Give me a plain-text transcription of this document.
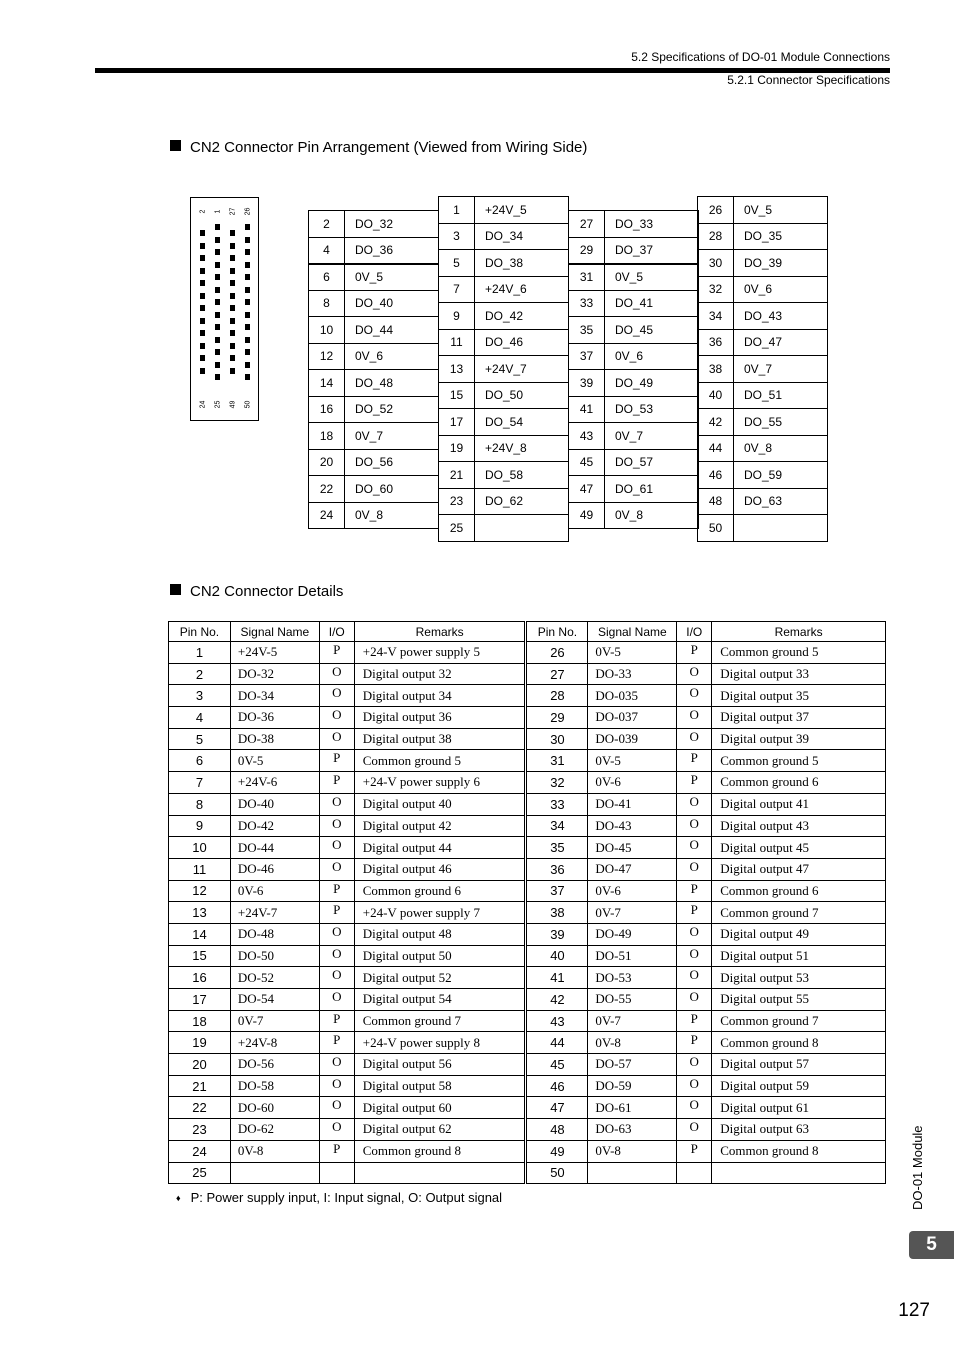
5.2 Specifications of DO-01 Module Connections
5.2.1 Connector Specifications
CN2 Connector Pin Arrangement (Viewed from Wiring Side)
2 1 27 26
24 25 49 50
2	DO_32
4	DO_36
6	0V_5
8	DO_40
10	DO_44
12	0V_6
14	DO_48
16	DO_52
18	0V_7
20	DO_56
22	DO_60
24	0V_8
1	+24V_5
3	DO_34
5	DO_38
7	+24V_6
9	DO_42
11	DO_46
13	+24V_7
15	DO_50
17	DO_54
19	+24V_8
21	DO_58
23	DO_62
25	
27	DO_33
29	DO_37
31	0V_5
33	DO_41
35	DO_45
37	0V_6
39	DO_49
41	DO_53
43	0V_7
45	DO_57
47	DO_61
49	0V_8
26	0V_5
28	DO_35
30	DO_39
32	0V_6
34	DO_43
36	DO_47
38	0V_7
40	DO_51
42	DO_55
44	0V_8
46	DO_59
48	DO_63
50	
CN2 Connector Details
Pin No.	Signal Name	I/O	Remarks	Pin No.	Signal Name	I/O	Remarks
1	+24V-5	P	+24-V power supply 5	26	0V-5	P	Common ground 5
2	DO-32	O	Digital output 32	27	DO-33	O	Digital output 33
3	DO-34	O	Digital output 34	28	DO-035	O	Digital output 35
4	DO-36	O	Digital output 36	29	DO-037	O	Digital output 37
5	DO-38	O	Digital output 38	30	DO-039	O	Digital output 39
6	0V-5	P	Common ground 5	31	0V-5	P	Common ground 5
7	+24V-6	P	+24-V power supply 6	32	0V-6	P	Common ground 6
8	DO-40	O	Digital output 40	33	DO-41	O	Digital output 41
9	DO-42	O	Digital output 42	34	DO-43	O	Digital output 43
10	DO-44	O	Digital output 44	35	DO-45	O	Digital output 45
11	DO-46	O	Digital output 46	36	DO-47	O	Digital output 47
12	0V-6	P	Common ground 6	37	0V-6	P	Common ground 6
13	+24V-7	P	+24-V power supply 7	38	0V-7	P	Common ground 7
14	DO-48	O	Digital output 48	39	DO-49	O	Digital output 49
15	DO-50	O	Digital output 50	40	DO-51	O	Digital output 51
16	DO-52	O	Digital output 52	41	DO-53	O	Digital output 53
17	DO-54	O	Digital output 54	42	DO-55	O	Digital output 55
18	0V-7	P	Common ground 7	43	0V-7	P	Common ground 7
19	+24V-8	P	+24-V power supply 8	44	0V-8	P	Common ground 8
20	DO-56	O	Digital output 56	45	DO-57	O	Digital output 57
21	DO-58	O	Digital output 58	46	DO-59	O	Digital output 59
22	DO-60	O	Digital output 60	47	DO-61	O	Digital output 61
23	DO-62	O	Digital output 62	48	DO-63	O	Digital output 63
24	0V-8	P	Common ground 8	49	0V-8	P	Common ground 8
25				50			
♦ P: Power supply input, I: Input signal, O: Output signal	DO-01 Module
5
127
